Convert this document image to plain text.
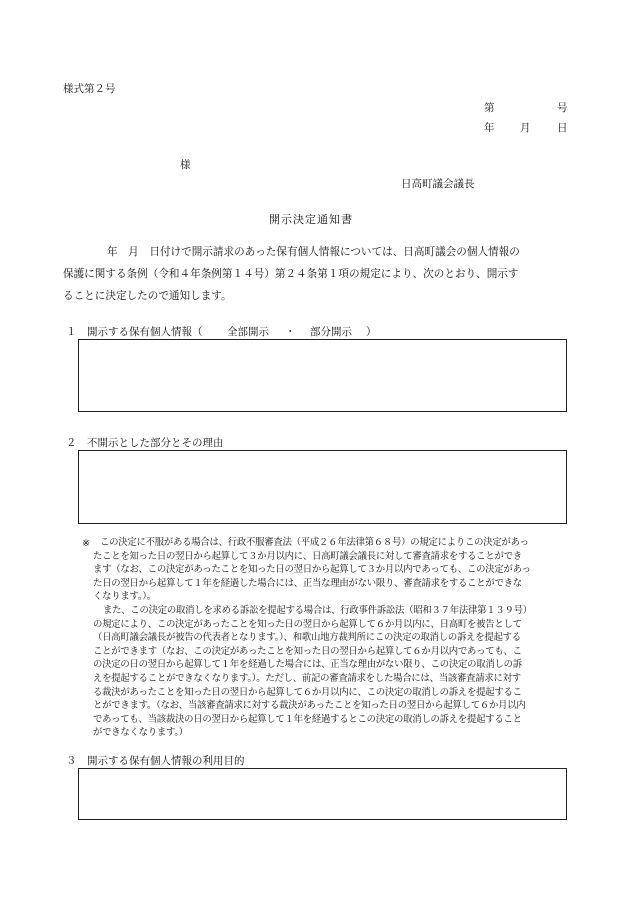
様式第２号
第	号
年 月	日
様
日高町議会議長
開示決定通知書
年　月　日付けで開示請求のあった保有個人情報については、日高町議会の個人情報の
保護に関する条例（令和４年条例第１４号）第２４条第１項の規定により、次のとおり、開示す
ることに決定したので通知します。
１ 開示する保有個人情報（ 全部開示 ・ 部分開示 ）
２ 不開示とした部分とその理由
※	この決定に不服がある場合は、行政不服審査法（平成２６年法律第６８号）の規定によりこの決定があっ
たことを知った日の翌日から起算して３か月以内に、日高町議会議長に対して審査請求をすることができ
ます（なお、この決定があったことを知った日の翌日から起算して３か月以内であっても、この決定があっ
た日の翌日から起算して１年を経過した場合には、正当な理由がない限り、審査請求をすることができな
くなります。）。
また、この決定の取消しを求める訴訟を提起する場合は、行政事件訴訟法（昭和３７年法律第１３９号）
の規定により、この決定があったことを知った日の翌日から起算して６か月以内に、日高町を被告として
（日高町議会議長が被告の代表者となります。）、和歌山地方裁判所にこの決定の取消しの訴えを提起する
ことができます（なお、この決定があったことを知った日の翌日から起算して６か月以内であっても、こ
の決定の日の翌日から起算して１年を経過した場合には、正当な理由がない限り、この決定の取消しの訴
えを提起することができなくなります。）。ただし、前記の審査請求をした場合には、当該審査請求に対す
る裁決があったことを知った日の翌日から起算して６か月以内に、この決定の取消しの訴えを提起するこ
とができます。（なお、当該審査請求に対する裁決があったことを知った日の翌日から起算して６か月以内
であっても、当該裁決の日の翌日から起算して１年を経過するとこの決定の取消しの訴えを提起すること
ができなくなります。）
３ 開示する保有個人情報の利用目的
